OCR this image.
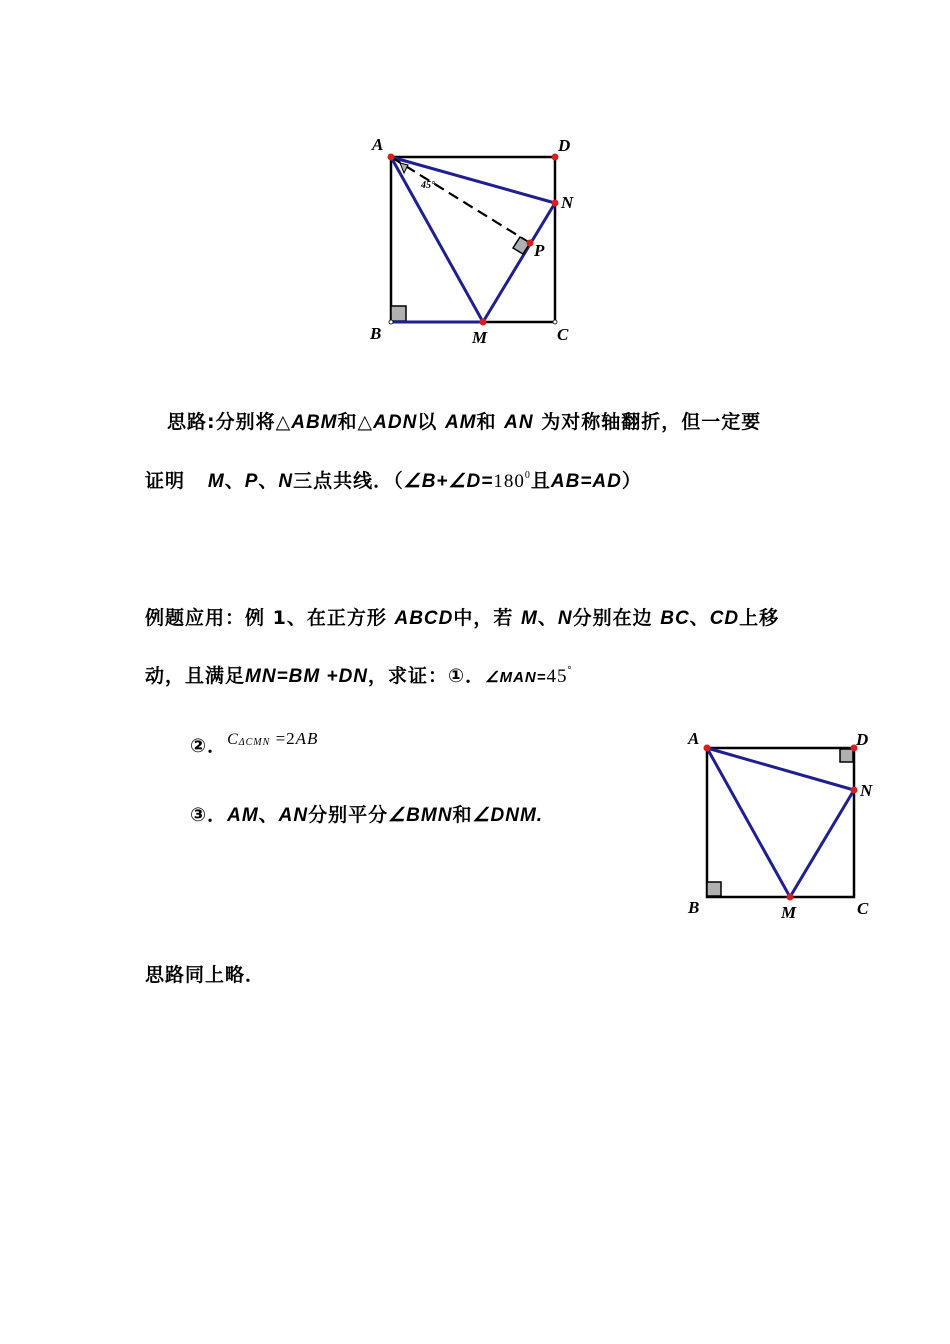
A	D
N
P
B	M	C
45°
思路:分别将△ABM和△ADN以 AM和 AN 为对称轴翻折，但一定要
证明 M、P、N三点共线．（$\angle B+\angle D=180^0$且AB=AD）
例题应用：例 1、在正方形 ABCD中，若 M、N分别在边 BC、CD上移
动，且满足MN=BM +DN，求证：①．∠MAN=45°
②．$^C_{\Delta CMN}$ =2AB
③．AM、AN分别平分∠BMN和∠DNM.
A	D
N
B	M	C
思路同上略．
